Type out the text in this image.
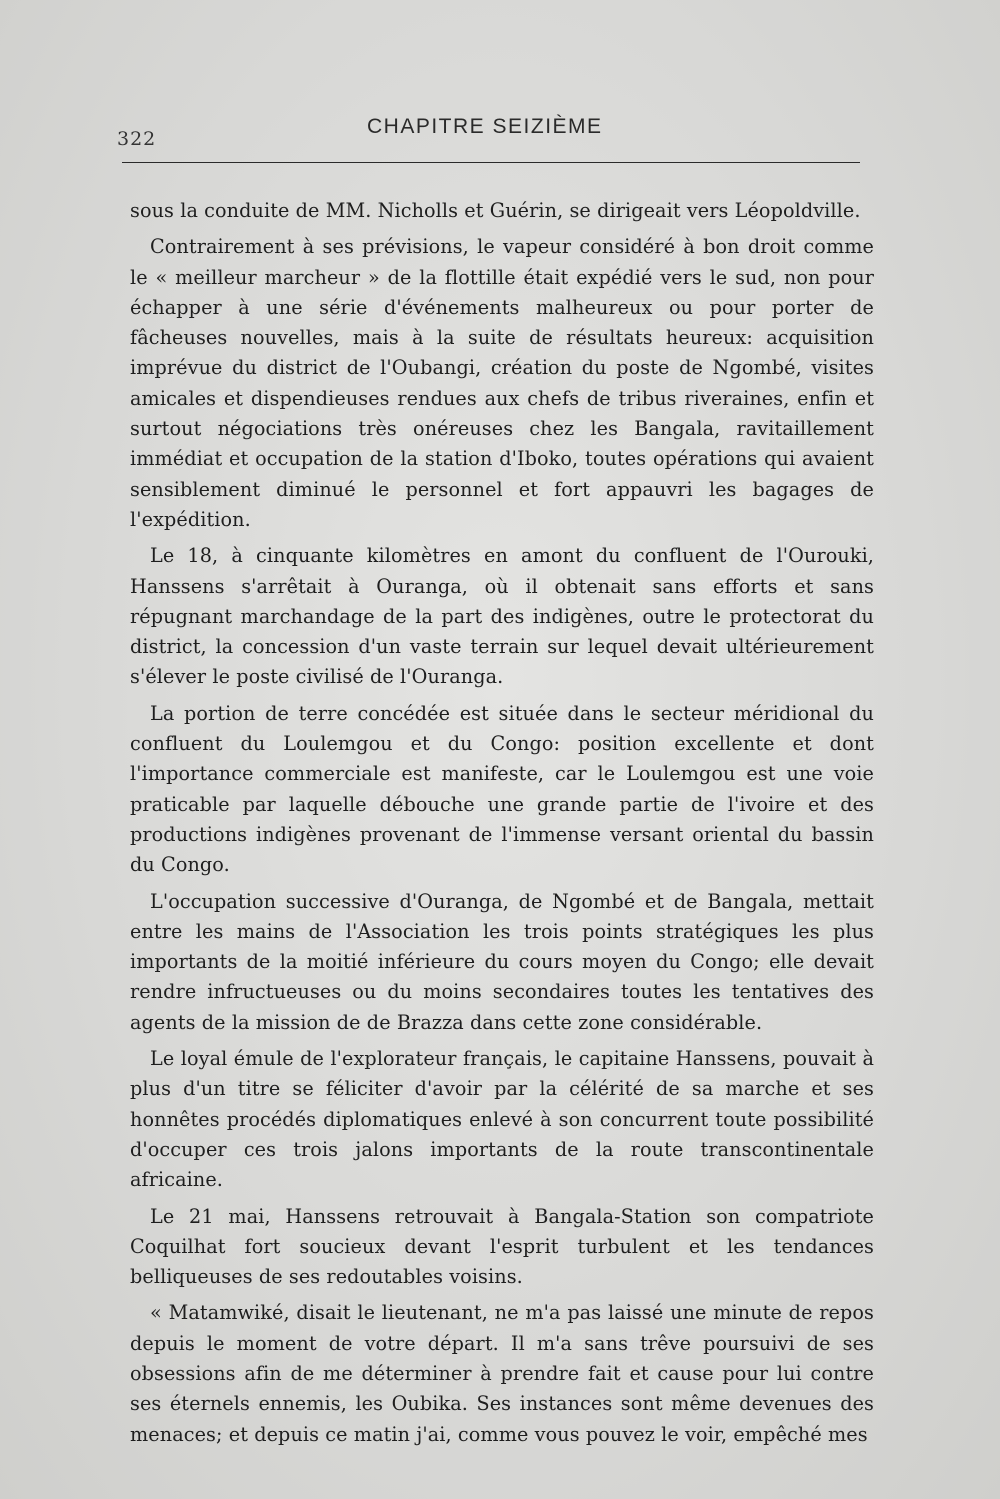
322
CHAPITRE SEIZIÈME

sous la conduite de MM. Nicholls et Guérin, se dirigeait vers Léopoldville.

Contrairement à ses prévisions, le vapeur considéré à bon droit comme le « meilleur marcheur » de la flottille était expédié vers le sud, non pour échapper à une série d'événements malheureux ou pour porter de fâcheuses nouvelles, mais à la suite de résultats heureux: acquisition imprévue du district de l'Oubangi, création du poste de Ngombé, visites amicales et dispendieuses rendues aux chefs de tribus riveraines, enfin et surtout négociations très onéreuses chez les Bangala, ravitaillement immédiat et occupation de la station d'Iboko, toutes opérations qui avaient sensiblement diminué le personnel et fort appauvri les bagages de l'expédition.

Le 18, à cinquante kilomètres en amont du confluent de l'Ourouki, Hanssens s'arrêtait à Ouranga, où il obtenait sans efforts et sans répugnant marchandage de la part des indigènes, outre le protectorat du district, la concession d'un vaste terrain sur lequel devait ultérieurement s'élever le poste civilisé de l'Ouranga.

La portion de terre concédée est située dans le secteur méridional du confluent du Loulemgou et du Congo: position excellente et dont l'importance commerciale est manifeste, car le Loulemgou est une voie praticable par laquelle débouche une grande partie de l'ivoire et des productions indigènes provenant de l'immense versant oriental du bassin du Congo.

L'occupation successive d'Ouranga, de Ngombé et de Bangala, mettait entre les mains de l'Association les trois points stratégiques les plus importants de la moitié inférieure du cours moyen du Congo; elle devait rendre infructueuses ou du moins secondaires toutes les tentatives des agents de la mission de de Brazza dans cette zone considérable.

Le loyal émule de l'explorateur français, le capitaine Hanssens, pouvait à plus d'un titre se féliciter d'avoir par la célérité de sa marche et ses honnêtes procédés diplomatiques enlevé à son concurrent toute possibilité d'occuper ces trois jalons importants de la route transcontinentale africaine.

Le 21 mai, Hanssens retrouvait à Bangala-Station son compatriote Coquilhat fort soucieux devant l'esprit turbulent et les tendances belliqueuses de ses redoutables voisins.

« Matamwiké, disait le lieutenant, ne m'a pas laissé une minute de repos depuis le moment de votre départ. Il m'a sans trêve poursuivi de ses obsessions afin de me déterminer à prendre fait et cause pour lui contre ses éternels ennemis, les Oubika. Ses instances sont même devenues des menaces; et depuis ce matin j'ai, comme vous pouvez le voir, empêché mes
